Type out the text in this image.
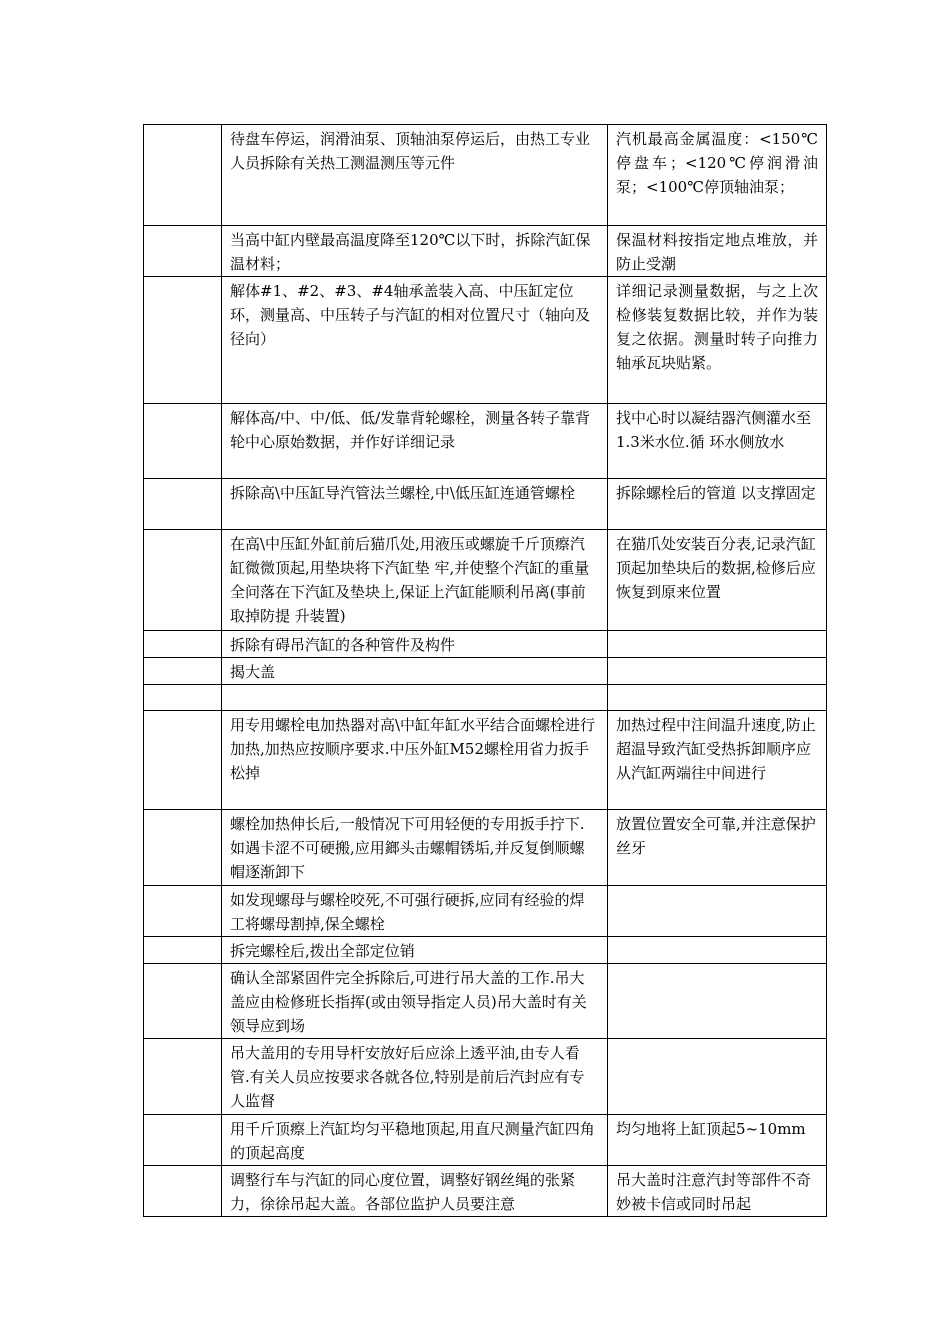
	待盘车停运，润滑油泵、顶轴油泵停运后，由热工专业人员拆除有关热工测温测压等元件	汽机最高金属温度：<150℃停盘车；<120℃停润滑油泵；<100℃停顶轴油泵；
	当高中缸内壁最高温度降至120℃以下时，拆除汽缸保温材料；	保温材料按指定地点堆放，并防止受潮
	解体#1、#2、#3、#4轴承盖装入高、中压缸定位环，测量高、中压转子与汽缸的相对位置尺寸（轴向及径向）	详细记录测量数据，与之上次检修装复数据比较，并作为装复之依据。测量时转子向推力轴承瓦块贴紧。
	解体高/中、中/低、低/发靠背轮螺栓，测量各转子靠背轮中心原始数据，并作好详细记录	找中心时以凝结器汽侧灌水至1.3米水位.循 环水侧放水
	拆除高\中压缸导汽管法兰螺栓,中\低压缸连通管螺栓	拆除螺栓后的管道 以支撑固定
	在高\中压缸外缸前后猫爪处,用液压或螺旋千斤顶瘵汽缸微微顶起,用垫块将下汽缸垫 牢,并使整个汽缸的重量全问落在下汽缸及垫块上,保证上汽缸能顺利吊离(事前取掉防提 升装置)	在猫爪处安装百分表,记录汽缸顶起加垫块后的数据,检修后应恢复到原来位置
	拆除有碍吊汽缸的各种管件及构件	
	揭大盖	

	用专用螺栓电加热器对高\中缸年缸水平结合面螺栓进行加热,加热应按顺序要求.中压外缸M52螺栓用省力扳手松掉	加热过程中注间温升速度,防止超温导致汽缸受热拆卸顺序应从汽缸两端往中间进行
	螺栓加热伸长后,一般情况下可用轻便的专用扳手拧下.如遇卡涩不可硬搬,应用鎯头击螺帽锈垢,并反复倒顺螺帽逐渐卸下	放置位置安全可靠,并注意保护丝牙
	如发现螺母与螺栓咬死,不可强行硬拆,应同有经验的焊工将螺母割掉,保全螺栓	
	拆完螺栓后,拨出全部定位销	
	确认全部紧固件完全拆除后,可进行吊大盖的工作.吊大盖应由检修班长指挥(或由领导指定人员)吊大盖时有关领导应到场	
	吊大盖用的专用导杆安放好后应涂上透平油,由专人看管.有关人员应按要求各就各位,特别是前后汽封应有专人监督	
	用千斤顶瘵上汽缸均匀平稳地顶起,用直尺测量汽缸四角的顶起高度	均匀地将上缸顶起5~10mm
	调整行车与汽缸的同心度位置，调整好钢丝绳的张紧力，徐徐吊起大盖。各部位监护人员要注意	吊大盖时注意汽封等部件不奇妙被卡信或同时吊起
